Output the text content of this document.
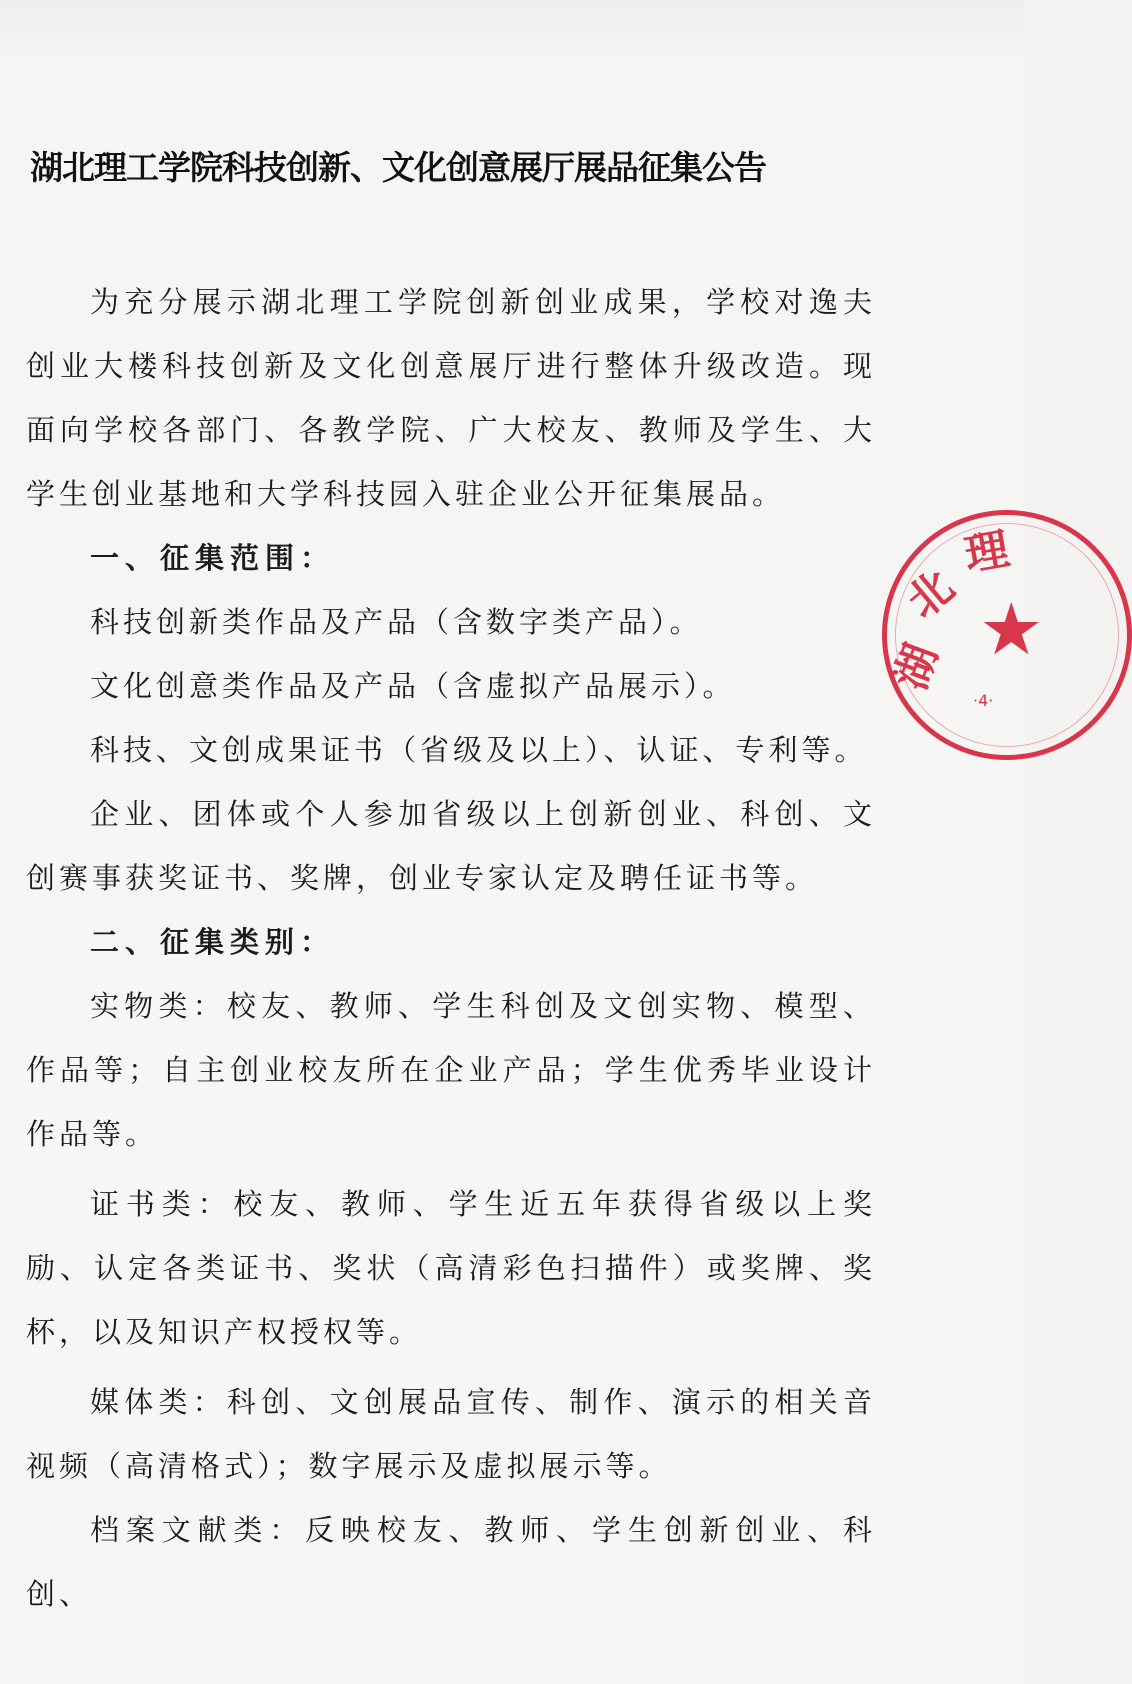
湖北理工学院科技创新、文化创意展厅展品征集公告

为充分展示湖北理工学院创新创业成果，学校对逸夫创业大楼科技创新及文化创意展厅进行整体升级改造。现面向学校各部门、各教学院、广大校友、教师及学生、大学生创业基地和大学科技园入驻企业公开征集展品。

一、征集范围：

科技创新类作品及产品（含数字类产品）。

文化创意类作品及产品（含虚拟产品展示）。

科技、文创成果证书（省级及以上）、认证、专利等。

企业、团体或个人参加省级以上创新创业、科创、文创赛事获奖证书、奖牌，创业专家认定及聘任证书等。

二、征集类别：

实物类：校友、教师、学生科创及文创实物、模型、作品等；自主创业校友所在企业产品；学生优秀毕业设计作品等。

证书类：校友、教师、学生近五年获得省级以上奖励、认定各类证书、奖状（高清彩色扫描件）或奖牌、奖杯，以及知识产权授权等。

媒体类：科创、文创展品宣传、制作、演示的相关音视频（高清格式）；数字展示及虚拟展示等。

档案文献类：反映校友、教师、学生创新创业、科创、

湖
北
理
★
·4·
